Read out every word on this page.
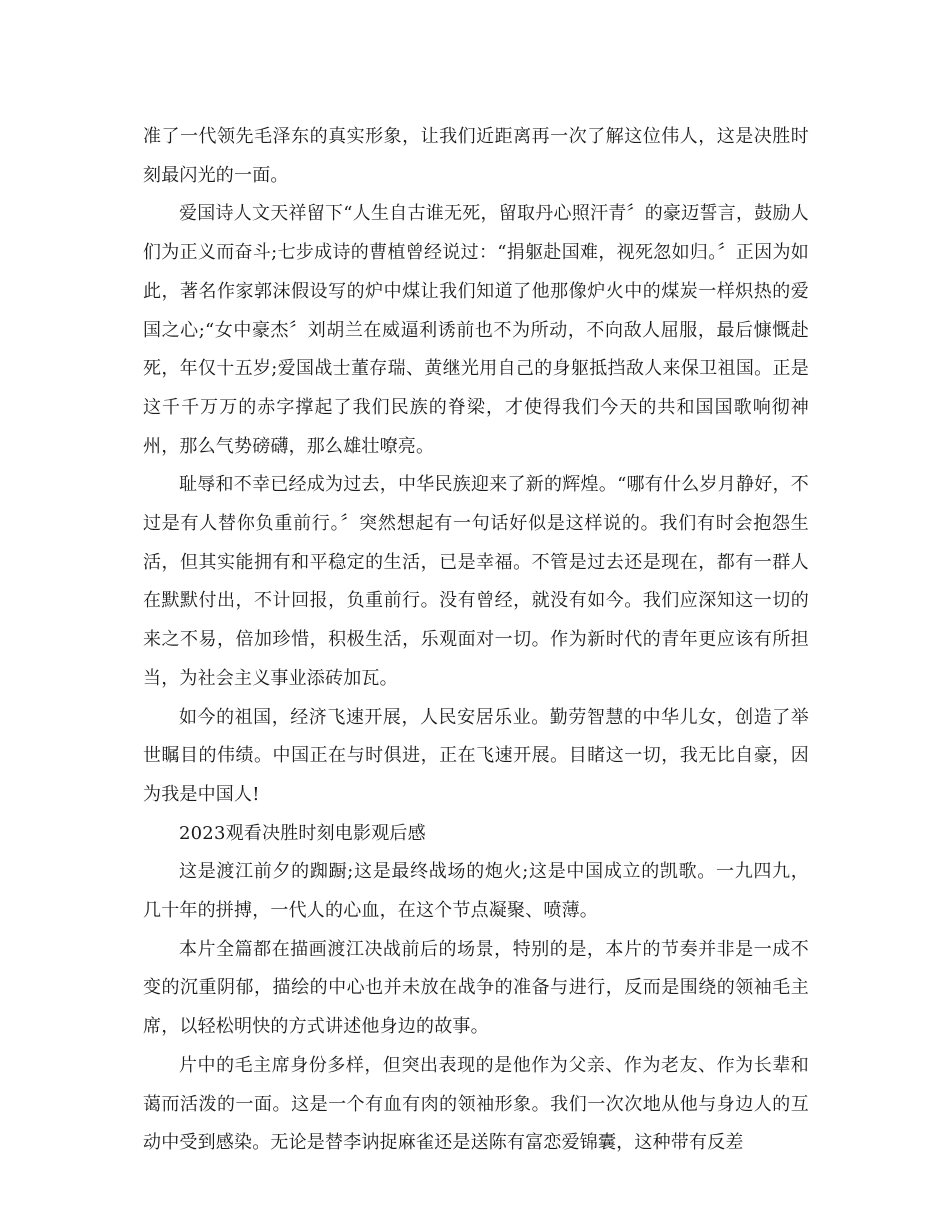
准了一代领先毛泽东的真实形象，让我们近距离再一次了解这位伟人，这是决胜时刻最闪光的一面。

爱国诗人文天祥留下“人生自古谁无死，留取丹心照汗青〞的豪迈誓言，鼓励人们为正义而奋斗;七步成诗的曹植曾经说过：“捐躯赴国难，视死忽如归。〞正因为如此，著名作家郭沫假设写的炉中煤让我们知道了他那像炉火中的煤炭一样炽热的爱国之心;“女中豪杰〞刘胡兰在威逼利诱前也不为所动，不向敌人屈服，最后慷慨赴死，年仅十五岁;爱国战士董存瑞、黄继光用自己的身躯抵挡敌人来保卫祖国。正是这千千万万的赤字撑起了我们民族的脊梁，才使得我们今天的共和国国歌响彻神州，那么气势磅礴，那么雄壮嘹亮。

耻辱和不幸已经成为过去，中华民族迎来了新的辉煌。“哪有什么岁月静好，不过是有人替你负重前行。〞突然想起有一句话好似是这样说的。我们有时会抱怨生活，但其实能拥有和平稳定的生活，已是幸福。不管是过去还是现在，都有一群人在默默付出，不计回报，负重前行。没有曾经，就没有如今。我们应深知这一切的来之不易，倍加珍惜，积极生活，乐观面对一切。作为新时代的青年更应该有所担当，为社会主义事业添砖加瓦。

如今的祖国，经济飞速开展，人民安居乐业。勤劳智慧的中华儿女，创造了举世瞩目的伟绩。中国正在与时俱进，正在飞速开展。目睹这一切，我无比自豪，因为我是中国人!

2023观看决胜时刻电影观后感

这是渡江前夕的踟蹰;这是最终战场的炮火;这是中国成立的凯歌。一九四九，几十年的拼搏，一代人的心血，在这个节点凝聚、喷薄。

本片全篇都在描画渡江决战前后的场景，特别的是，本片的节奏并非是一成不变的沉重阴郁，描绘的中心也并未放在战争的准备与进行，反而是围绕的领袖毛主席，以轻松明快的方式讲述他身边的故事。

片中的毛主席身份多样，但突出表现的是他作为父亲、作为老友、作为长辈和蔼而活泼的一面。这是一个有血有肉的领袖形象。我们一次次地从他与身边人的互动中受到感染。无论是替李讷捉麻雀还是送陈有富恋爱锦囊，这种带有反差
